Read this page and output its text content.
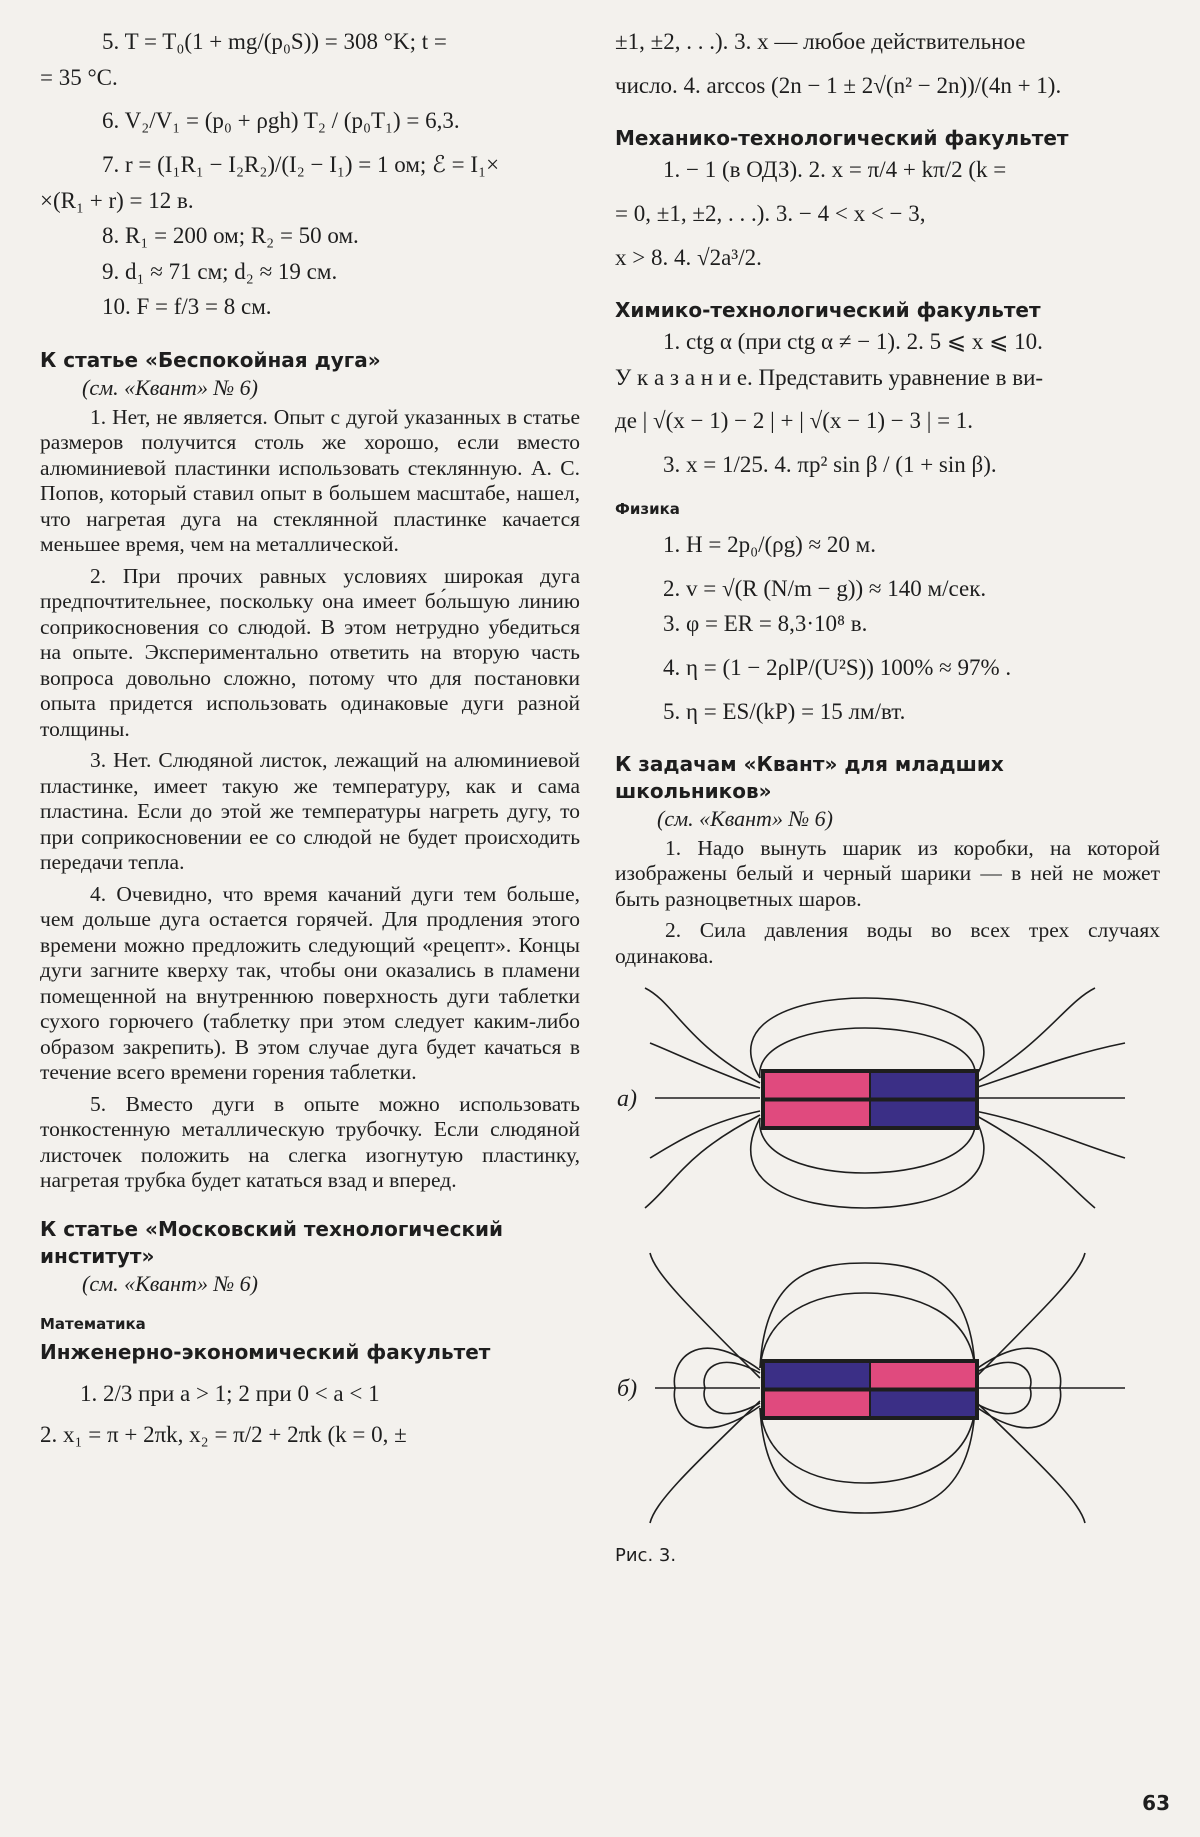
5. T = T₀(1 + mg/(p₀S)) = 308 °K; t =
= 35 °C.
6. V₂/V₁ = (p₀ + ρgh) T₂ / (p₀T₁) = 6,3.
7. r = (I₁R₁ − I₂R₂)/(I₂ − I₁) = 1 ом; ℰ = I₁×
×(R₁ + r) = 12 в.
8. R₁ = 200 ом; R₂ = 50 ом.
9. d₁ ≈ 71 см; d₂ ≈ 19 см.
10. F = f/3 = 8 см.
К статье «Беспокойная дуга»
(см. «Квант» № 6)

1. Нет, не является. Опыт с дугой указанных в статье размеров получится столь же хорошо, если вместо алюминиевой пластинки использовать стеклянную. А. С. Попов, который ставил опыт в большем масштабе, нашел, что нагретая дуга на стеклянной пластинке качается меньшее время, чем на металлической.

2. При прочих равных условиях широкая дуга предпочтительнее, поскольку она имеет бо́льшую линию соприкосновения со слюдой. В этом нетрудно убедиться на опыте. Экспериментально ответить на вторую часть вопроса довольно сложно, потому что для постановки опыта придется использовать одинаковые дуги разной толщины.

3. Нет. Слюдяной листок, лежащий на алюминиевой пластинке, имеет такую же температуру, как и сама пластина. Если до этой же температуры нагреть дугу, то при соприкосновении ее со слюдой не будет происходить передачи тепла.

4. Очевидно, что время качаний дуги тем больше, чем дольше дуга остается горячей. Для продления этого времени можно предложить следующий «рецепт». Концы дуги загните кверху так, чтобы они оказались в пламени помещенной на внутреннюю поверхность дуги таблетки сухого горючего (таблетку при этом следует каким-либо образом закрепить). В этом случае дуга будет качаться в течение всего времени горения таблетки.

5. Вместо дуги в опыте можно использовать тонкостенную металлическую трубочку. Если слюдяной листочек положить на слегка изогнутую пластинку, нагретая трубка будет кататься взад и вперед.

К статье «Московский технологический институт»
(см. «Квант» № 6)
Математика
Инженерно-экономический факультет
1. 2/3 при a > 1; 2 при 0 < a < 1
2. x₁ = π + 2πk, x₂ = π/2 + 2πk (k = 0, ±
±1, ±2, . . .). 3. x — любое действительное
число. 4. arccos (2n − 1 ± 2√(n² − 2n))/(4n + 1).
Механико-технологический факультет
1. − 1 (в ОДЗ). 2. x = π/4 + kπ/2 (k =
= 0, ±1, ±2, . . .). 3. − 4 < x < − 3,
x > 8. 4. √2a³/2.
Химико-технологический факультет
1. ctg α (при ctg α ≠ − 1). 2. 5 ⩽ x ⩽ 10.
У к а з а н и е. Представить уравнение в ви-
де | √(x − 1) − 2 | + | √(x − 1) − 3 | = 1.
3. x = 1/25. 4. πp² sin β / (1 + sin β).
Физика
1. H = 2p₀/(ρg) ≈ 20 м.
2. v = √(R (N/m − g)) ≈ 140 м/сек.
3. φ = ER = 8,3·10⁸ в.
4. η = (1 − 2ρlP/(U²S)) 100% ≈ 97% .
5. η = ES/(kP) = 15 лм/вт.
К задачам «Квант» для младших школьников»
(см. «Квант» № 6)

1. Надо вынуть шарик из коробки, на которой изображены белый и черный шарики — в ней не может быть разноцветных шаров.

2. Сила давления воды во всех трех случаях одинакова.

а)
б)
Рис. 3.
63
